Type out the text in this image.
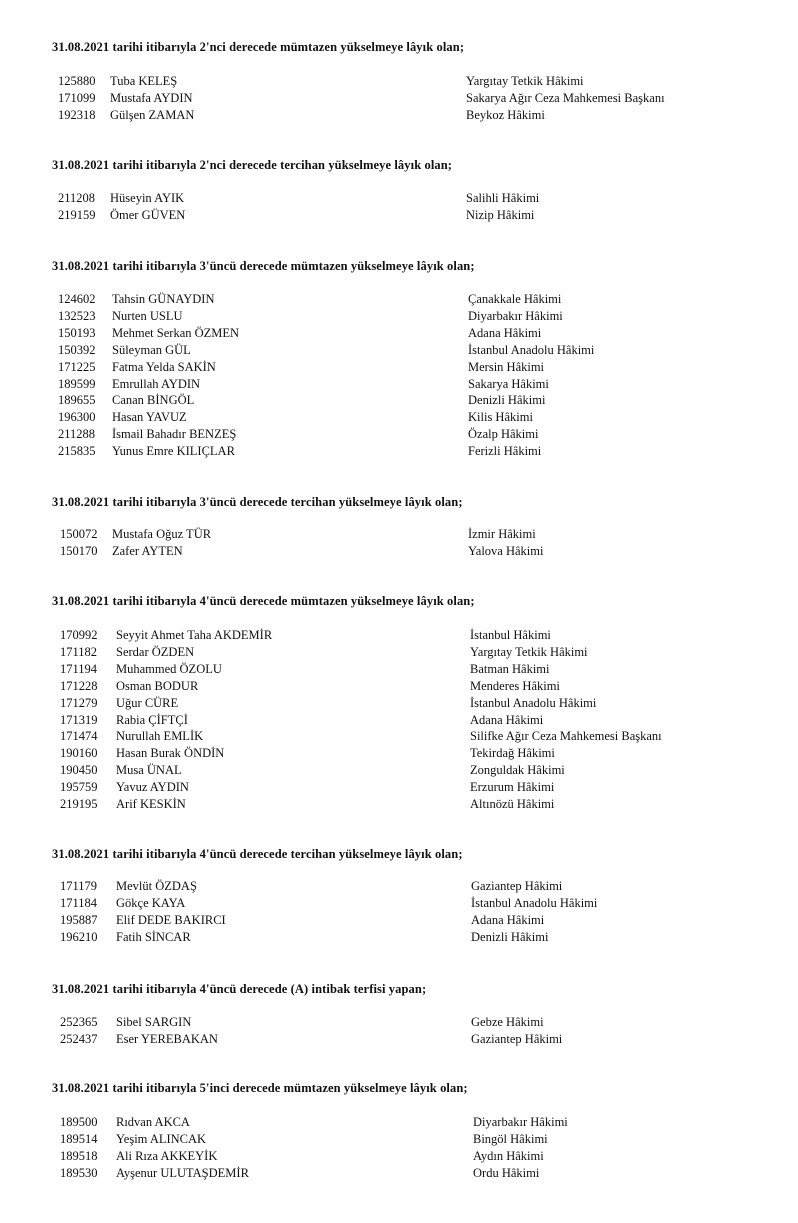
31.08.2021 tarihi itibarıyla 2'nci derecede mümtazen yükselmeye lâyık olan;
125880 Tuba KELEŞ	Yargıtay Tetkik Hâkimi
171099 Mustafa AYDIN	Sakarya Ağır Ceza Mahkemesi Başkanı
192318 Gülşen ZAMAN	Beykoz Hâkimi
31.08.2021 tarihi itibarıyla 2'nci derecede tercihan yükselmeye lâyık olan;
211208 Hüseyin AYIK	Salihli Hâkimi
219159 Ömer GÜVEN	Nizip Hâkimi
31.08.2021 tarihi itibarıyla 3'üncü derecede mümtazen yükselmeye lâyık olan;
124602 Tahsin GÜNAYDIN	Çanakkale Hâkimi
132523 Nurten USLU	Diyarbakır Hâkimi
150193 Mehmet Serkan ÖZMEN	Adana Hâkimi
150392 Süleyman GÜL	İstanbul Anadolu Hâkimi
171225 Fatma Yelda SAKİN	Mersin Hâkimi
189599 Emrullah AYDIN	Sakarya Hâkimi
189655 Canan BİNGÖL	Denizli Hâkimi
196300 Hasan YAVUZ	Kilis Hâkimi
211288 İsmail Bahadır BENZEŞ	Özalp Hâkimi
215835 Yunus Emre KILIÇLAR	Ferizli Hâkimi
31.08.2021 tarihi itibarıyla 3'üncü derecede tercihan yükselmeye lâyık olan;
150072 Mustafa Oğuz TÜR	İzmir Hâkimi
150170 Zafer AYTEN	Yalova Hâkimi
31.08.2021 tarihi itibarıyla 4'üncü derecede mümtazen yükselmeye lâyık olan;
170992 Seyyit Ahmet Taha AKDEMİR	İstanbul Hâkimi
171182 Serdar ÖZDEN	Yargıtay Tetkik Hâkimi
171194 Muhammed ÖZOLU	Batman Hâkimi
171228 Osman BODUR	Menderes Hâkimi
171279 Uğur CÜRE	İstanbul Anadolu Hâkimi
171319 Rabia ÇİFTÇİ	Adana Hâkimi
171474 Nurullah EMLİK	Silifke Ağır Ceza Mahkemesi Başkanı
190160 Hasan Burak ÖNDİN	Tekirdağ Hâkimi
190450 Musa ÜNAL	Zonguldak Hâkimi
195759 Yavuz AYDIN	Erzurum Hâkimi
219195 Arif KESKİN	Altınözü Hâkimi
31.08.2021 tarihi itibarıyla 4'üncü derecede tercihan yükselmeye lâyık olan;
171179 Mevlüt ÖZDAŞ	Gaziantep Hâkimi
171184 Gökçe KAYA	İstanbul Anadolu Hâkimi
195887 Elif DEDE BAKIRCI	Adana Hâkimi
196210 Fatih SİNCAR	Denizli Hâkimi
31.08.2021 tarihi itibarıyla 4'üncü derecede (A) intibak terfisi yapan;
252365 Sibel SARGIN	Gebze Hâkimi
252437 Eser YEREBAKAN	Gaziantep Hâkimi
31.08.2021 tarihi itibarıyla 5'inci derecede mümtazen yükselmeye lâyık olan;
189500 Rıdvan AKCA	Diyarbakır Hâkimi
189514 Yeşim ALINCAK	Bingöl Hâkimi
189518 Ali Rıza AKKEYİK	Aydın Hâkimi
189530 Ayşenur ULUTAŞDEMİR	Ordu Hâkimi
